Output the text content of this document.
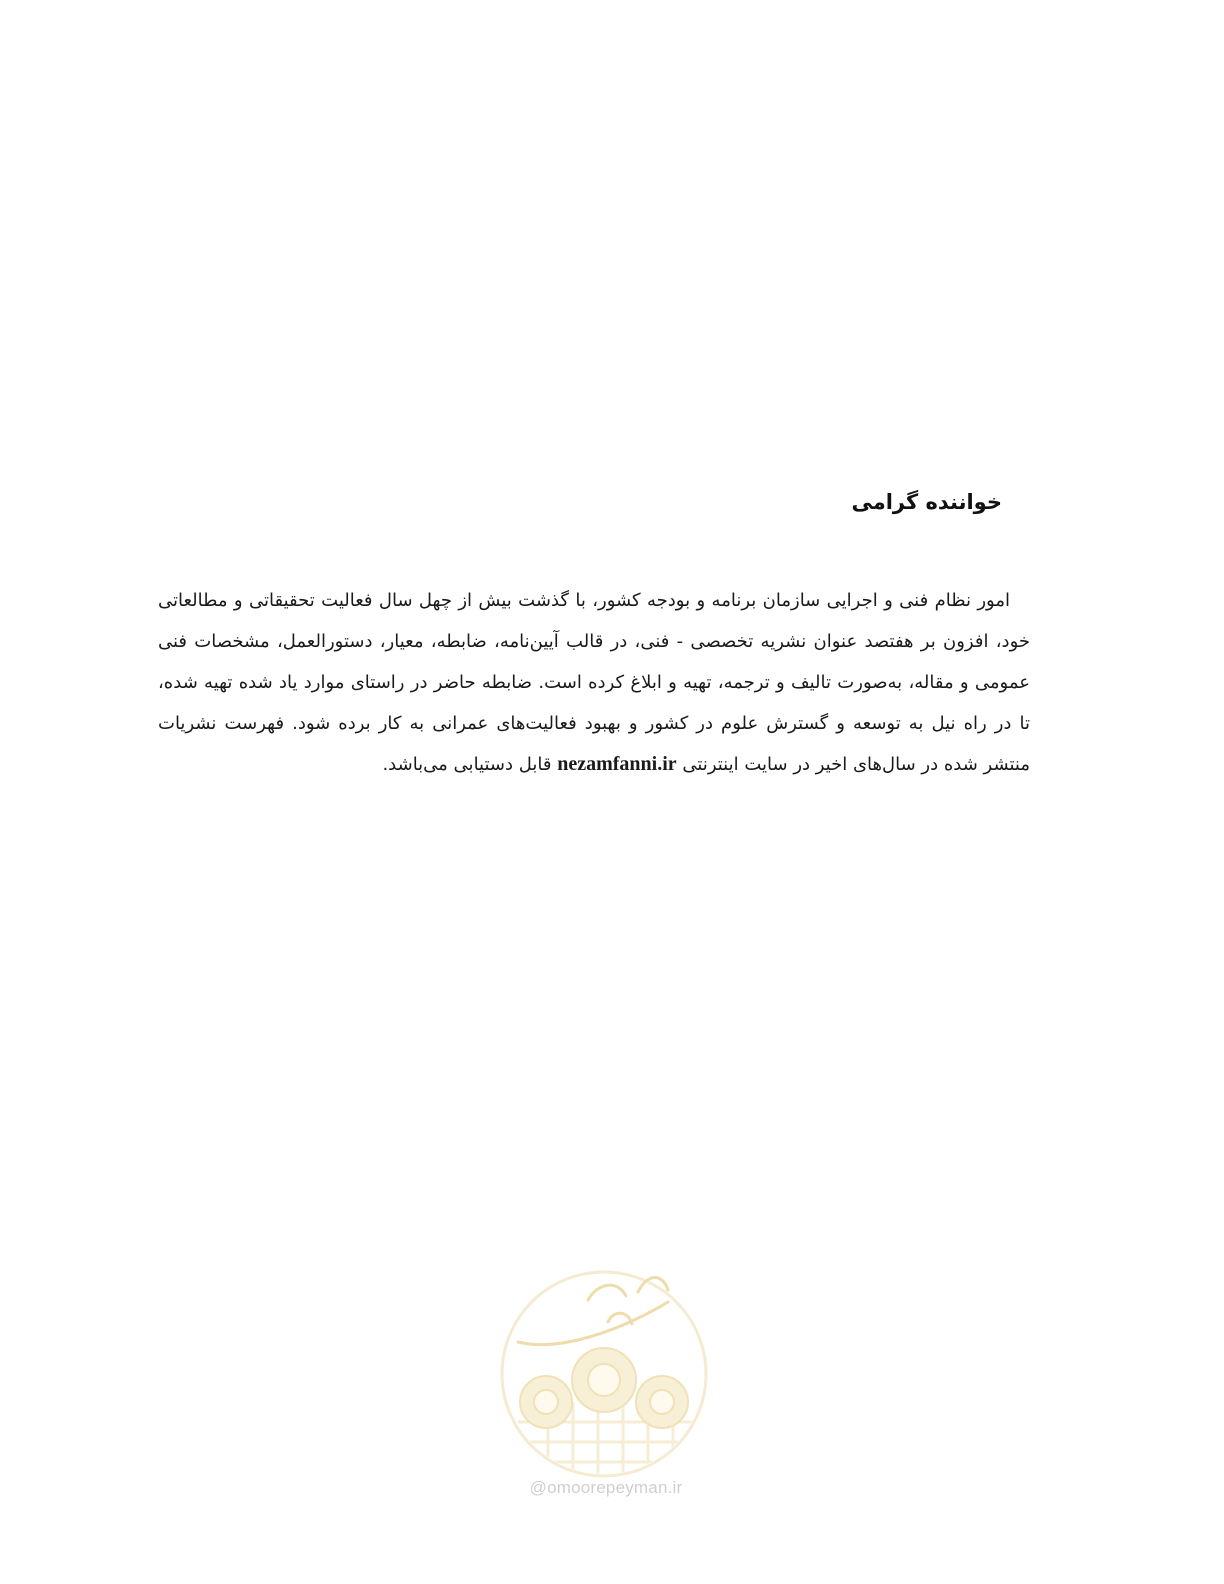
خواننده گرامی
امور نظام فنی و اجرایی سازمان برنامه و بودجه کشور، با گذشت بیش از چهل سال فعالیت تحقیقاتی و مطالعاتی خود، افزون بر هفتصد عنوان نشریه تخصصی - فنی، در قالب آیین‌نامه، ضابطه، معیار، دستورالعمل، مشخصات فنی عمومی و مقاله، به‌صورت تالیف و ترجمه، تهیه و ابلاغ کرده است. ضابطه حاضر در راستای موارد یاد شده تهیه شده، تا در راه نیل به توسعه و گسترش علوم در کشور و بهبود فعالیت‌های عمرانی به کار برده شود. فهرست نشریات منتشر شده در سال‌های اخیر در سایت اینترنتی nezamfanni.ir قابل دستیابی می‌باشد.
@omoorepeyman.ir
